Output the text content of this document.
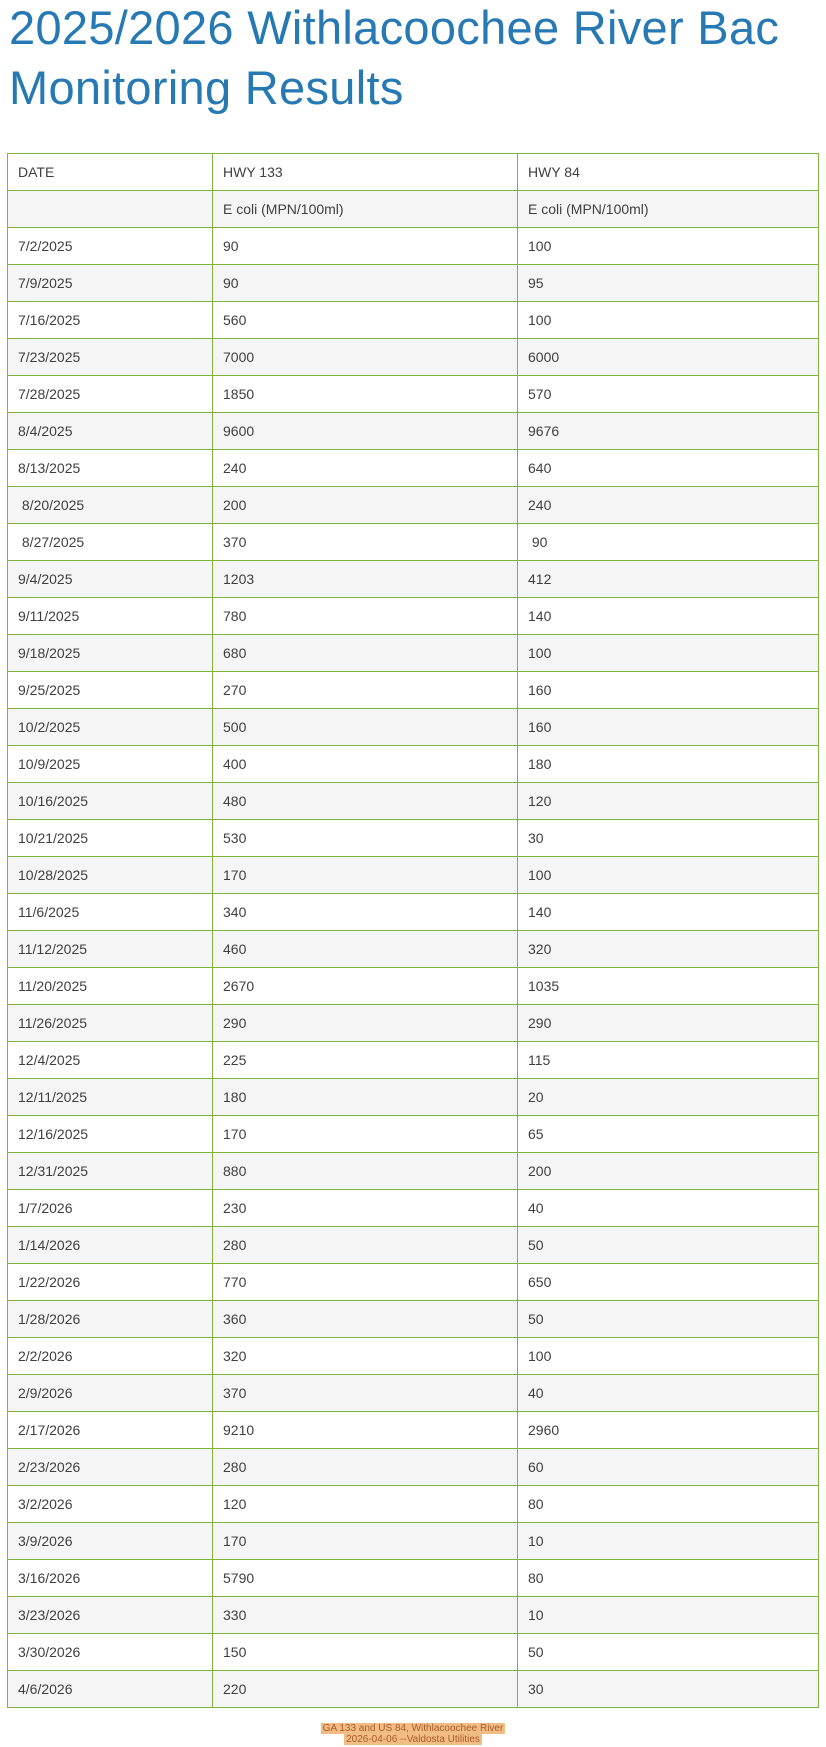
2025/2026 Withlacoochee River Bac
Monitoring Results
DATE	HWY 133	HWY 84
	E coli (MPN/100ml)	E coli (MPN/100ml)
7/2/2025	90	100
7/9/2025	90	95
7/16/2025	560	100
7/23/2025	7000	6000
7/28/2025	1850	570
8/4/2025	9600	9676
8/13/2025	240	640
8/20/2025	200	240
8/27/2025	370	90
9/4/2025	1203	412
9/11/2025	780	140
9/18/2025	680	100
9/25/2025	270	160
10/2/2025	500	160
10/9/2025	400	180
10/16/2025	480	120
10/21/2025	530	30
10/28/2025	170	100
11/6/2025	340	140
11/12/2025	460	320
11/20/2025	2670	1035
11/26/2025	290	290
12/4/2025	225	115
12/11/2025	180	20
12/16/2025	170	65
12/31/2025	880	200
1/7/2026	230	40
1/14/2026	280	50
1/22/2026	770	650
1/28/2026	360	50
2/2/2026	320	100
2/9/2026	370	40
2/17/2026	9210	2960
2/23/2026	280	60
3/2/2026	120	80
3/9/2026	170	10
3/16/2026	5790	80
3/23/2026	330	10
3/30/2026	150	50
4/6/2026	220	30
GA 133 and US 84, Withlacoochee River
2026-04-06 --Valdosta Utilities
